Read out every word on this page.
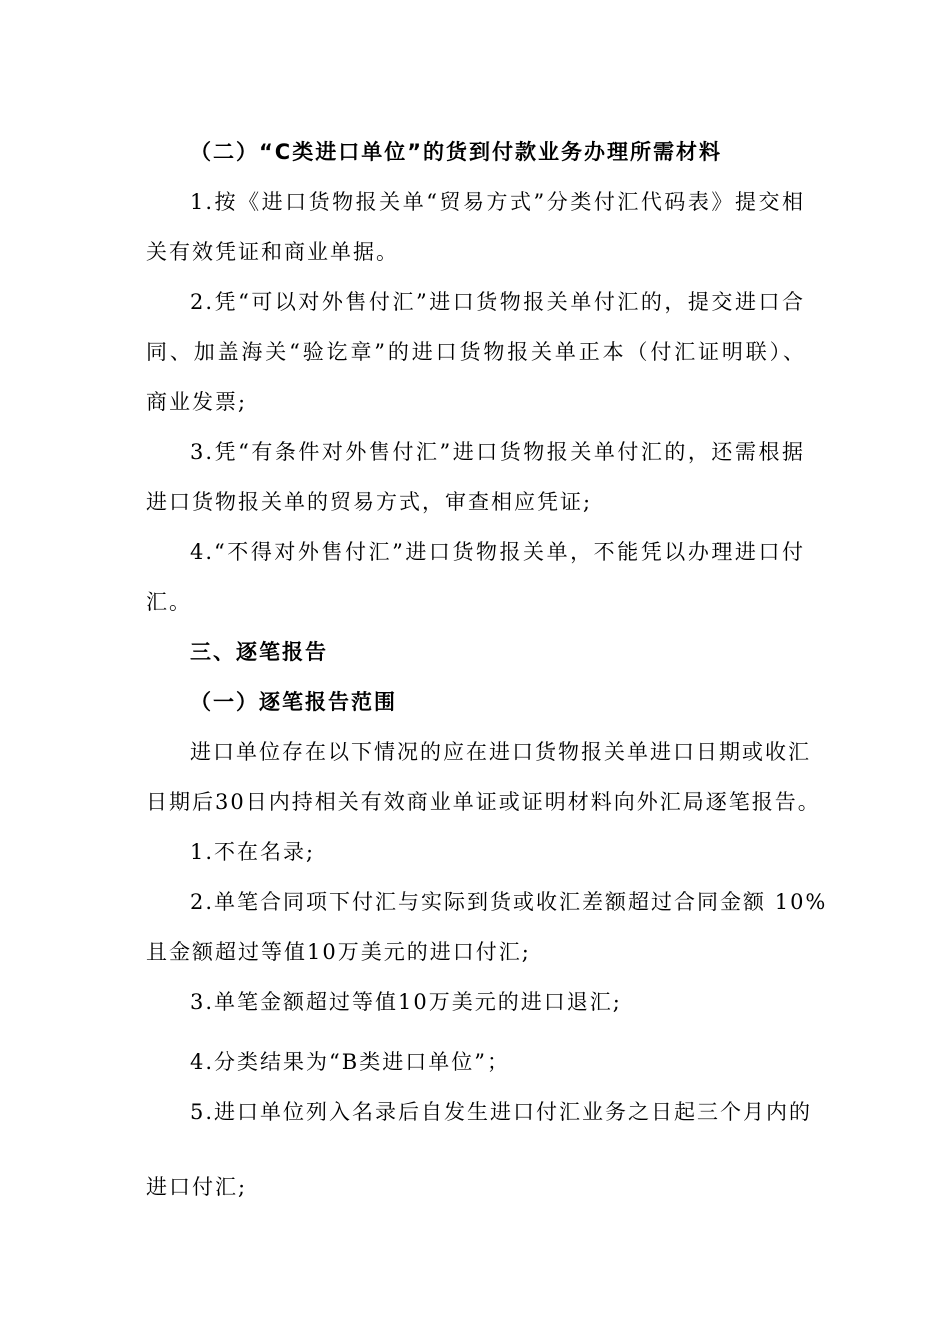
（二）“C类进口单位”的货到付款业务办理所需材料
1.按《进口货物报关单“贸易方式”分类付汇代码表》提交相
关有效凭证和商业单据。
2.凭“可以对外售付汇”进口货物报关单付汇的，提交进口合
同、加盖海关“验讫章”的进口货物报关单正本（付汇证明联）、
商业发票;
3.凭“有条件对外售付汇”进口货物报关单付汇的，还需根据
进口货物报关单的贸易方式，审查相应凭证;
4.“不得对外售付汇”进口货物报关单，不能凭以办理进口付
汇。
三、逐笔报告
（一）逐笔报告范围
进口单位存在以下情况的应在进口货物报关单进口日期或收汇
日期后30日内持相关有效商业单证或证明材料向外汇局逐笔报告。
1.不在名录;
2.单笔合同项下付汇与实际到货或收汇差额超过合同金额 10%
且金额超过等值10万美元的进口付汇;
3.单笔金额超过等值10万美元的进口退汇;
4.分类结果为“B类进口单位”；
5.进口单位列入名录后自发生进口付汇业务之日起三个月内的
进口付汇;
